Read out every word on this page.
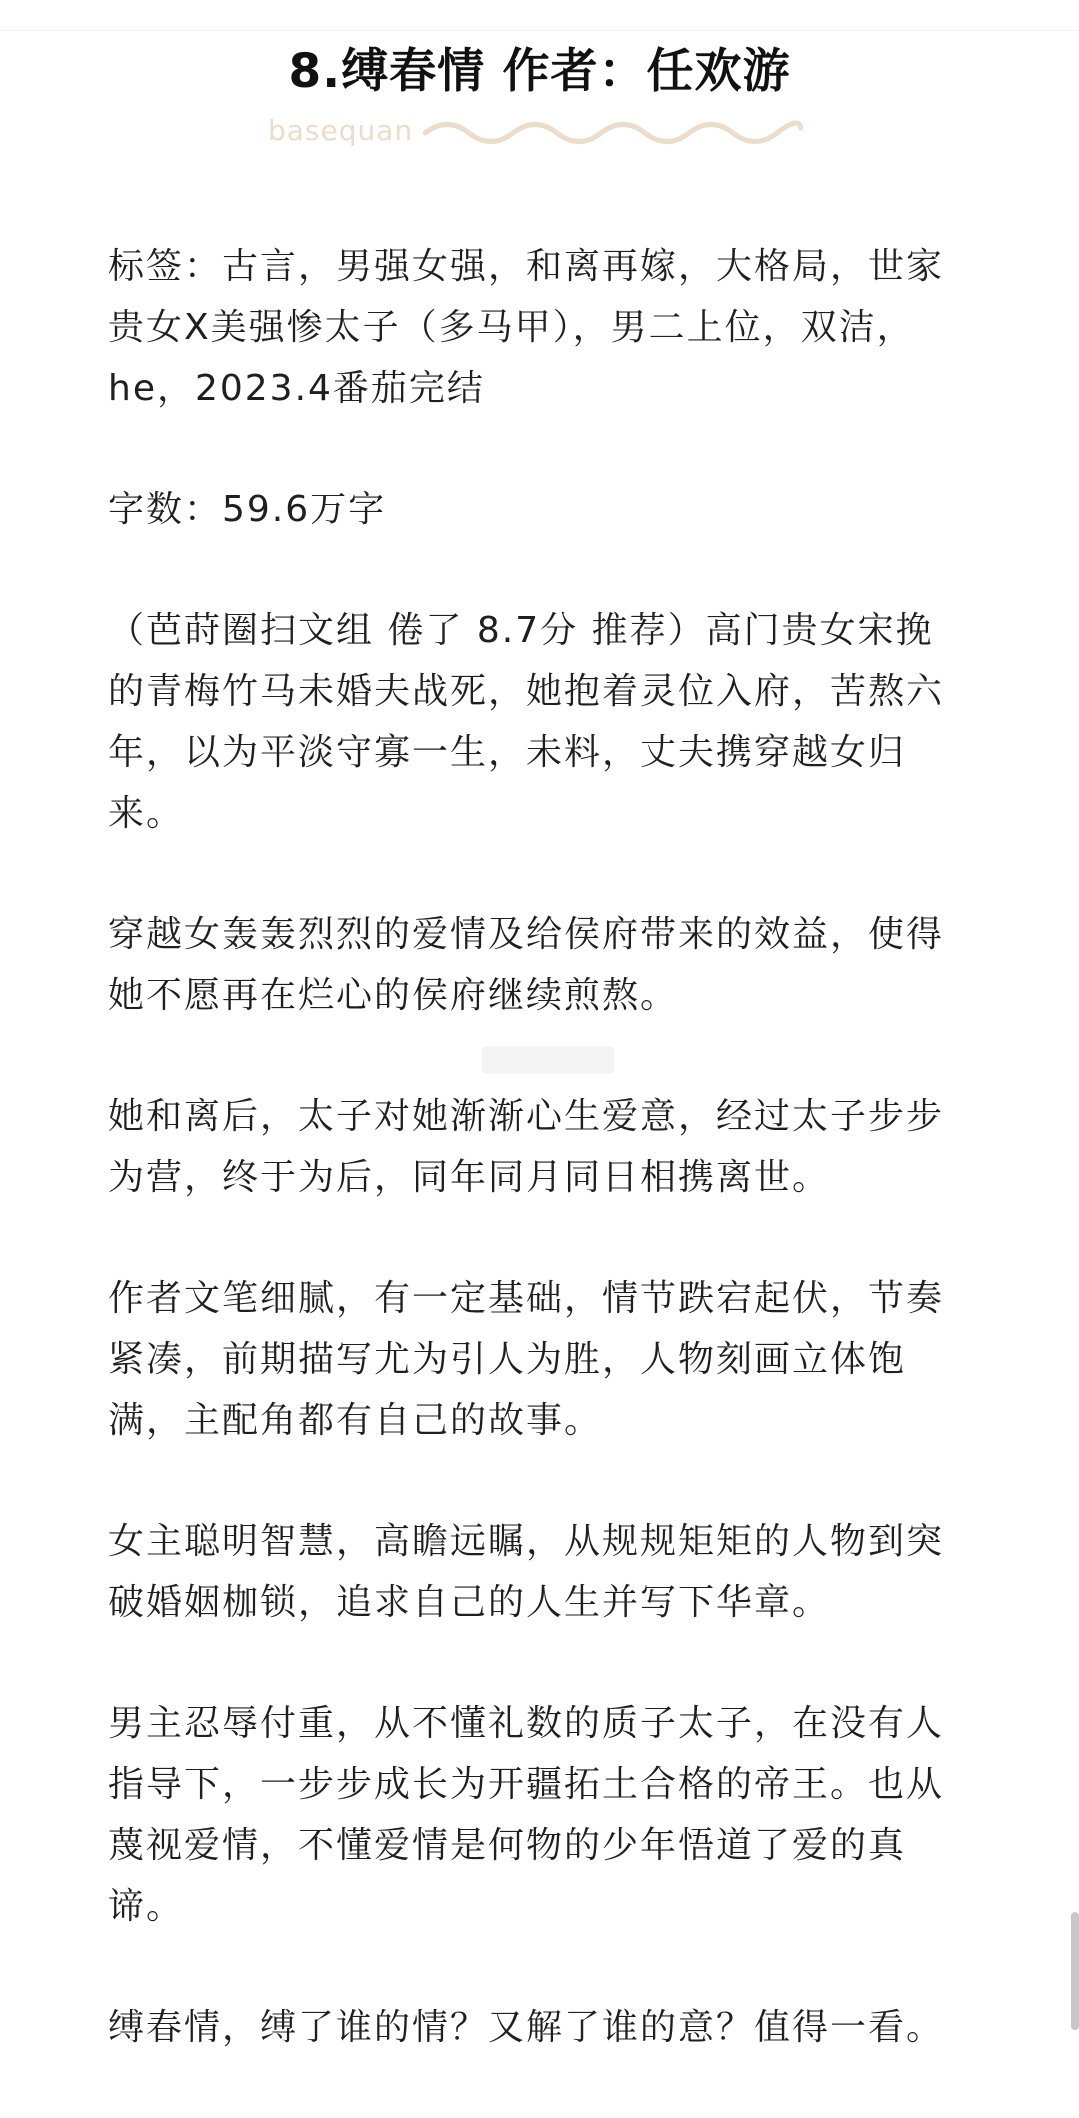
8.缚春情 作者：任欢游
basequan

标签：古言，男强女强，和离再嫁，大格局，世家
贵女X美强惨太子（多马甲），男二上位，双洁，
he，2023.4番茄完结

字数：59.6万字

（芭莳圈扫文组 倦了 8.7分 推荐）高门贵女宋挽
的青梅竹马未婚夫战死，她抱着灵位入府，苦熬六
年，以为平淡守寡一生，未料，丈夫携穿越女归
来。

穿越女轰轰烈烈的爱情及给侯府带来的效益，使得
她不愿再在烂心的侯府继续煎熬。

她和离后，太子对她渐渐心生爱意，经过太子步步
为营，终于为后，同年同月同日相携离世。

作者文笔细腻，有一定基础，情节跌宕起伏，节奏
紧凑，前期描写尤为引人为胜，人物刻画立体饱
满，主配角都有自己的故事。

女主聪明智慧，高瞻远瞩，从规规矩矩的人物到突
破婚姻枷锁，追求自己的人生并写下华章。

男主忍辱付重，从不懂礼数的质子太子，在没有人
指导下，一步步成长为开疆拓土合格的帝王。也从
蔑视爱情，不懂爱情是何物的少年悟道了爱的真
谛。

缚春情，缚了谁的情？又解了谁的意？值得一看。
